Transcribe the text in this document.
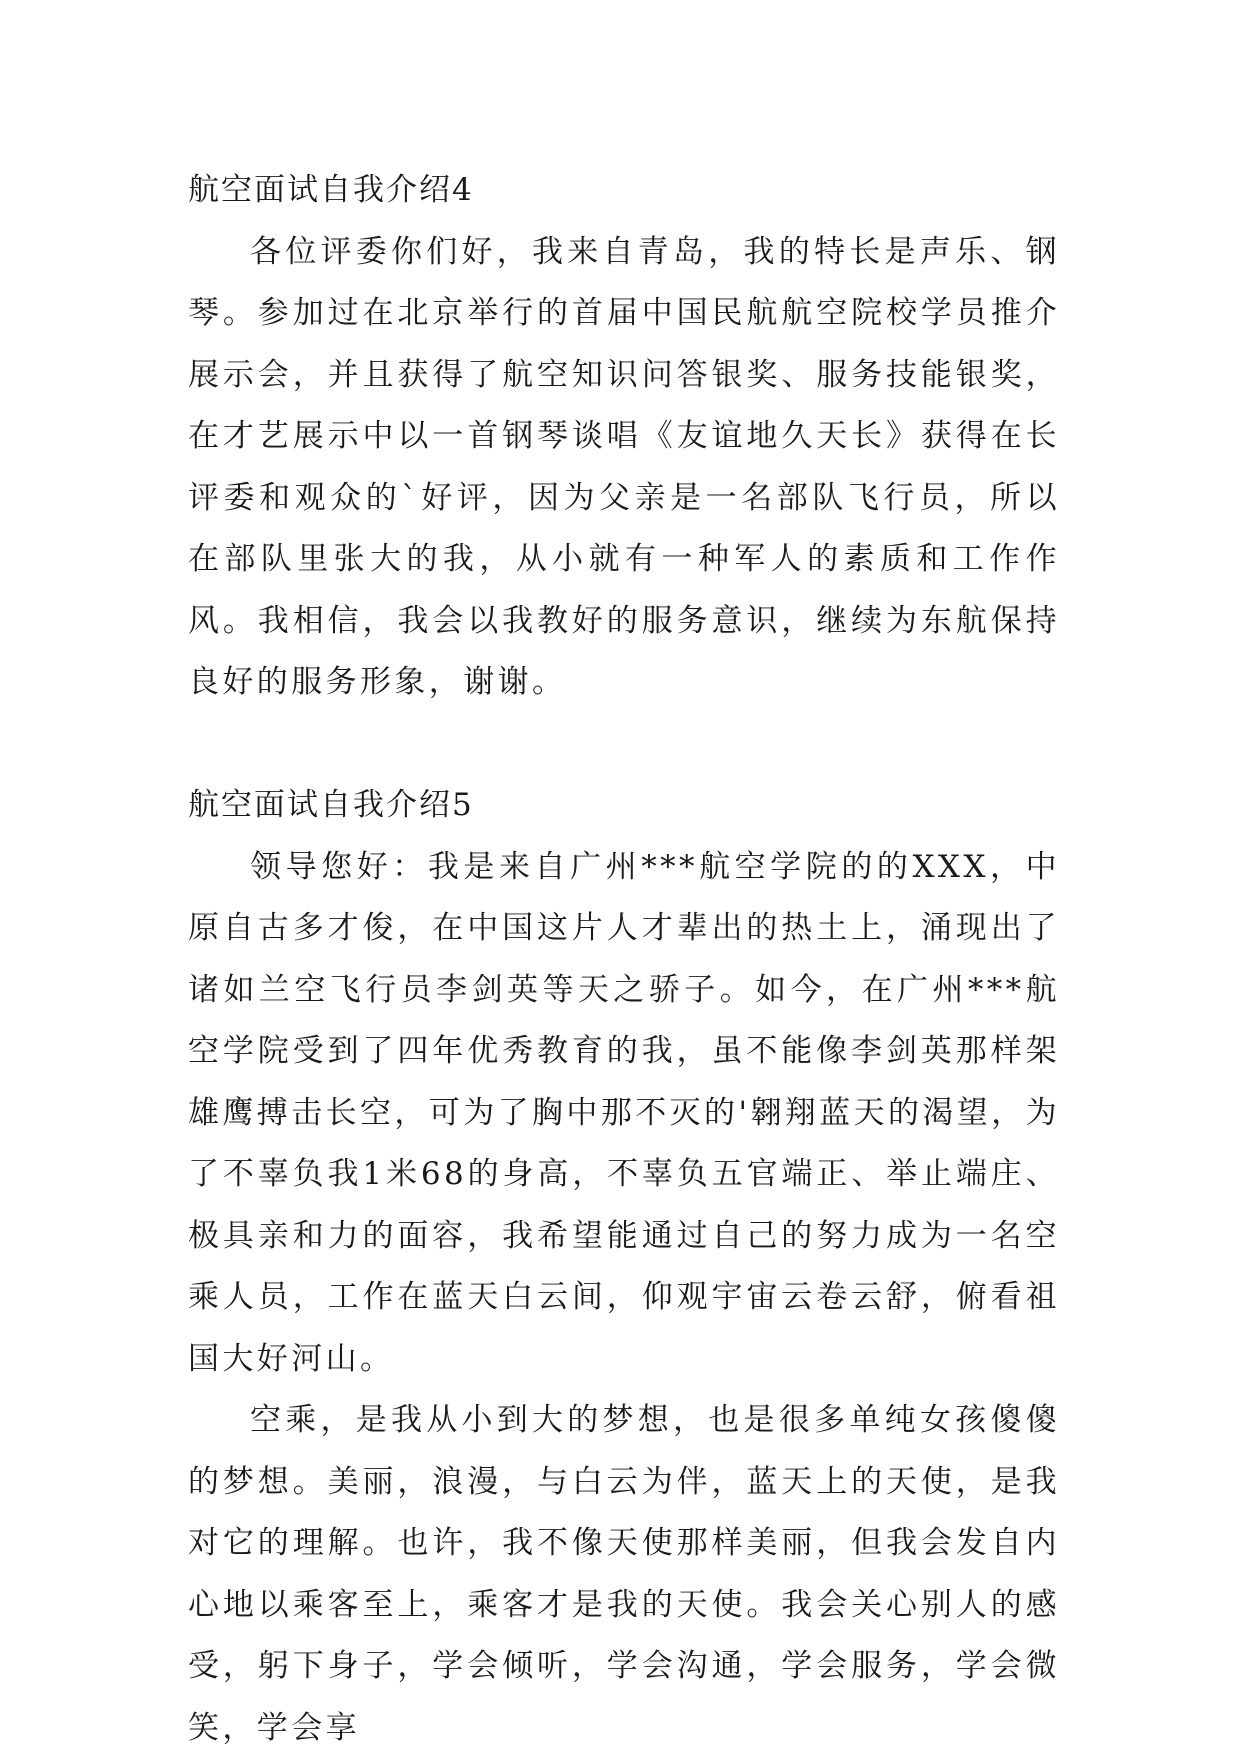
航空面试自我介绍4

各位评委你们好，我来自青岛，我的特长是声乐、钢琴。参加过在北京举行的首届中国民航航空院校学员推介展示会，并且获得了航空知识问答银奖、服务技能银奖，在才艺展示中以一首钢琴谈唱《友谊地久天长》获得在长评委和观众的`好评，因为父亲是一名部队飞行员，所以在部队里张大的我，从小就有一种军人的素质和工作作风。我相信，我会以我教好的服务意识，继续为东航保持良好的服务形象，谢谢。

航空面试自我介绍5

领导您好：我是来自广州***航空学院的的XXX，中原自古多才俊，在中国这片人才辈出的热土上，涌现出了诸如兰空飞行员李剑英等天之骄子。如今，在广州***航空学院受到了四年优秀教育的我，虽不能像李剑英那样架雄鹰搏击长空，可为了胸中那不灭的'翱翔蓝天的渴望，为了不辜负我1米68的身高，不辜负五官端正、举止端庄、极具亲和力的面容，我希望能通过自己的努力成为一名空乘人员，工作在蓝天白云间，仰观宇宙云卷云舒，俯看祖国大好河山。

空乘，是我从小到大的梦想，也是很多单纯女孩傻傻的梦想。美丽，浪漫，与白云为伴，蓝天上的天使，是我对它的理解。也许，我不像天使那样美丽，但我会发自内心地以乘客至上，乘客才是我的天使。我会关心别人的感受，躬下身子，学会倾听，学会沟通，学会服务，学会微笑，学会享
